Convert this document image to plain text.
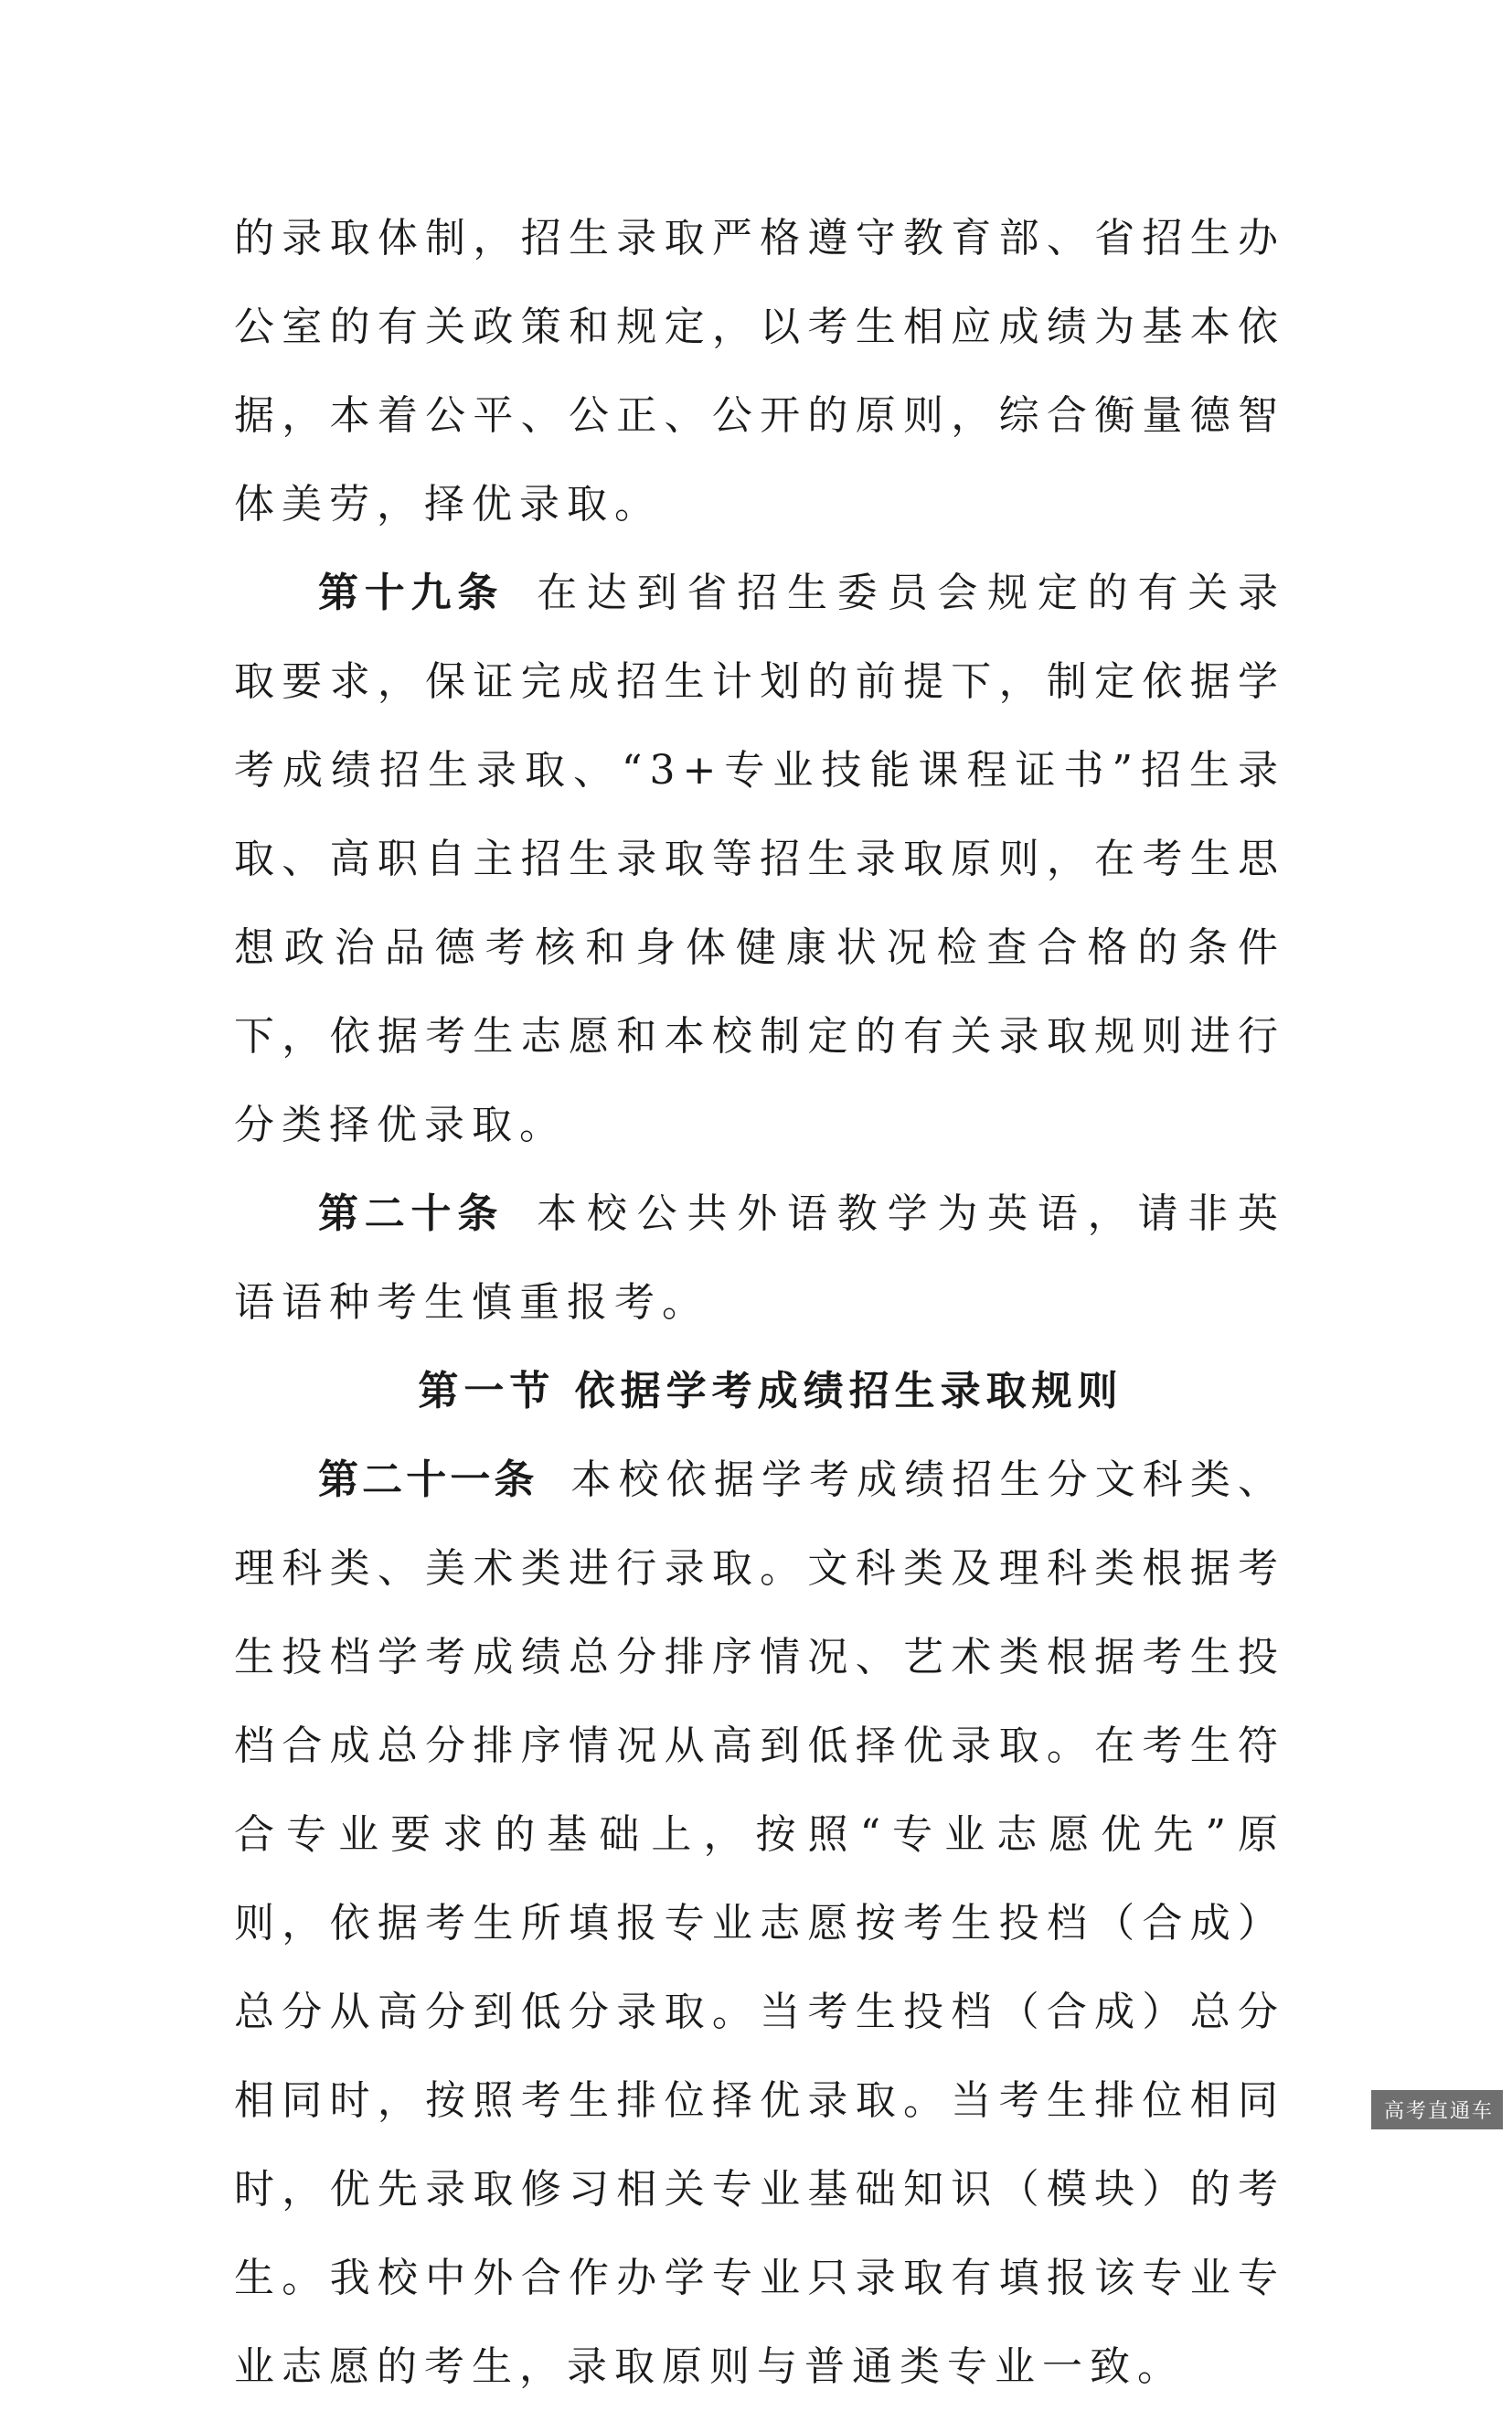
的录取体制，招生录取严格遵守教育部、省招生办公室的有关政策和规定，以考生相应成绩为基本依据，本着公平、公正、公开的原则，综合衡量德智体美劳，择优录取。

第十九条 在达到省招生委员会规定的有关录取要求，保证完成招生计划的前提下，制定依据学考成绩招生录取、“3+专业技能课程证书”招生录取、高职自主招生录取等招生录取原则，在考生思想政治品德考核和身体健康状况检查合格的条件下，依据考生志愿和本校制定的有关录取规则进行分类择优录取。

第二十条 本校公共外语教学为英语，请非英语语种考生慎重报考。

第一节 依据学考成绩招生录取规则

第二十一条 本校依据学考成绩招生分文科类、理科类、美术类进行录取。文科类及理科类根据考生投档学考成绩总分排序情况、艺术类根据考生投档合成总分排序情况从高到低择优录取。在考生符合专业要求的基础上，按照“专业志愿优先”原则，依据考生所填报专业志愿按考生投档（合成）总分从高分到低分录取。当考生投档（合成）总分相同时，按照考生排位择优录取。当考生排位相同时，优先录取修习相关专业基础知识（模块）的考生。我校中外合作办学专业只录取有填报该专业专业志愿的考生，录取原则与普通类专业一致。

高考直通车
